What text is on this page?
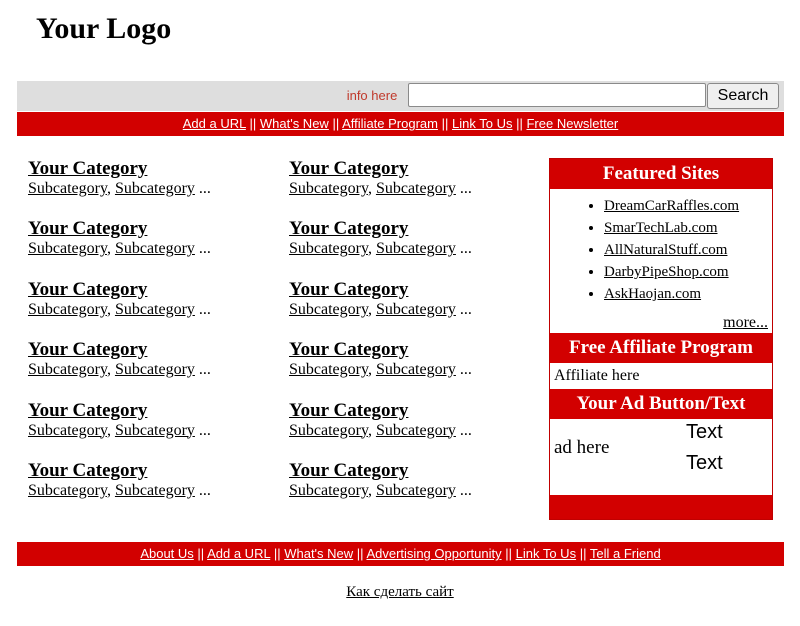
Your Logo
info here	Search
Add a URL || What's New || Affiliate Program || Link To Us || Free Newsletter
Your Category
Subcategory, Subcategory ...
Your Category
Subcategory, Subcategory ...
Your Category
Subcategory, Subcategory ...
Your Category
Subcategory, Subcategory ...
Your Category
Subcategory, Subcategory ...
Your Category
Subcategory, Subcategory ...
Your Category
Subcategory, Subcategory ...
Your Category
Subcategory, Subcategory ...
Your Category
Subcategory, Subcategory ...
Your Category
Subcategory, Subcategory ...
Your Category
Subcategory, Subcategory ...
Your Category
Subcategory, Subcategory ...
Featured Sites
• DreamCarRaffles.com
• SmarTechLab.com
• AllNaturalStuff.com
• DarbyPipeShop.com
• AskHaojan.com
more...
Free Affiliate Program
Affiliate here
Your Ad Button/Text
ad here
Text
Text
About Us || Add a URL || What's New || Advertising Opportunity || Link To Us || Tell a Friend
Как сделать сайт
